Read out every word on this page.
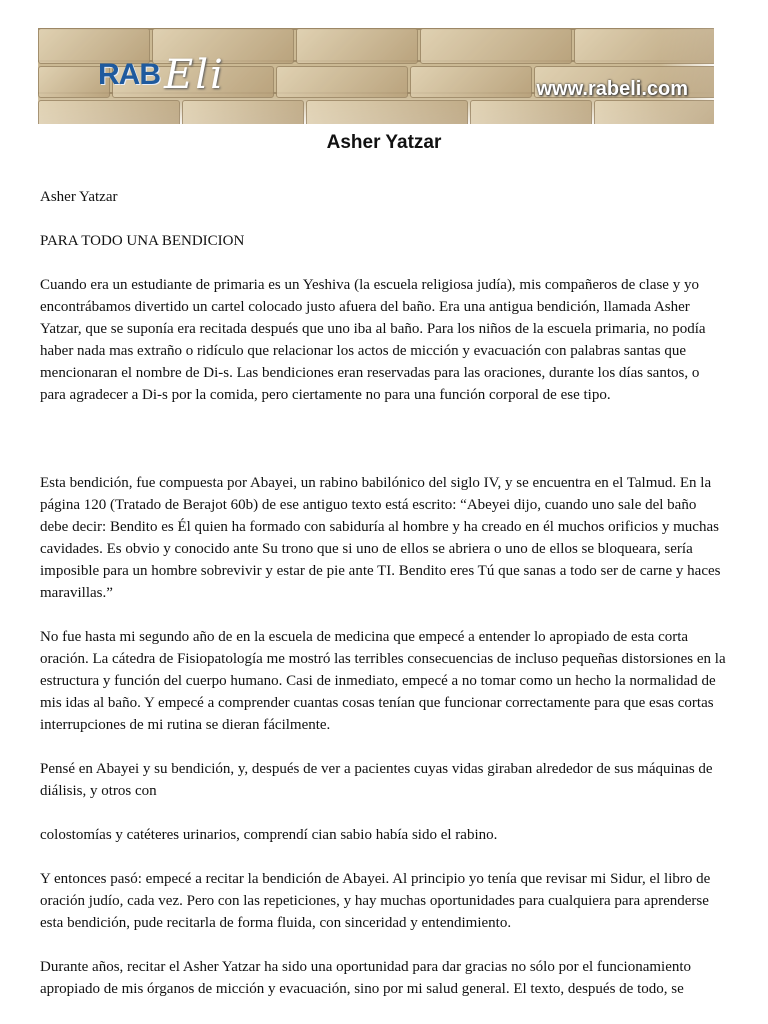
RAB Eli	www.rabeli.com
Asher Yatzar

Asher Yatzar

PARA TODO UNA BENDICION

Cuando era un estudiante de primaria es un Yeshiva (la escuela religiosa judía), mis compañeros de clase y yo encontrábamos divertido un cartel colocado justo afuera del baño. Era una antigua bendición, llamada Asher Yatzar, que se suponía era recitada después que uno iba al baño. Para los niños de la escuela primaria, no podía haber nada mas extraño o ridículo que relacionar los actos de micción y evacuación con palabras santas que mencionaran el nombre de Di-s. Las bendiciones eran reservadas para las oraciones, durante los días santos, o para agradecer a Di-s por la comida, pero ciertamente no para una función corporal de ese tipo.

Esta bendición, fue compuesta por Abayei, un rabino babilónico del siglo IV, y se encuentra en el Talmud. En la página 120 (Tratado de Berajot 60b) de ese antiguo texto está escrito: “Abeyei dijo, cuando uno sale del baño debe decir: Bendito es Él quien ha formado con sabiduría al hombre y ha creado en él muchos orificios y muchas cavidades. Es obvio y conocido ante Su trono que si uno de ellos se abriera o uno de ellos se bloqueara, sería imposible para un hombre sobrevivir y estar de pie ante TI. Bendito eres Tú que sanas a todo ser de carne y haces maravillas.”

No fue hasta mi segundo año de en la escuela de medicina que empecé a entender lo apropiado de esta corta oración. La cátedra de Fisiopatología me mostró las terribles consecuencias de incluso pequeñas distorsiones en la estructura y función del cuerpo humano. Casi de inmediato, empecé a no tomar como un hecho la normalidad de mis idas al baño. Y empecé a comprender cuantas cosas tenían que funcionar correctamente para que esas cortas interrupciones de mi rutina se dieran fácilmente.

Pensé en Abayei y su bendición, y, después de ver a pacientes cuyas vidas giraban alrededor de sus máquinas de diálisis, y otros con

colostomías y catéteres urinarios, comprendí cian sabio había sido el rabino.

Y entonces pasó: empecé a recitar la bendición de Abayei. Al principio yo tenía que revisar mi Sidur, el libro de oración judío, cada vez. Pero con las repeticiones, y hay muchas oportunidades para cualquiera para aprenderse esta bendición, pude recitarla de forma fluida, con sinceridad y entendimiento.

Durante años, recitar el Asher Yatzar ha sido una oportunidad para dar gracias no sólo por el funcionamiento apropiado de mis órganos de micción y evacuación, sino por mi salud general. El texto, después de todo, se
